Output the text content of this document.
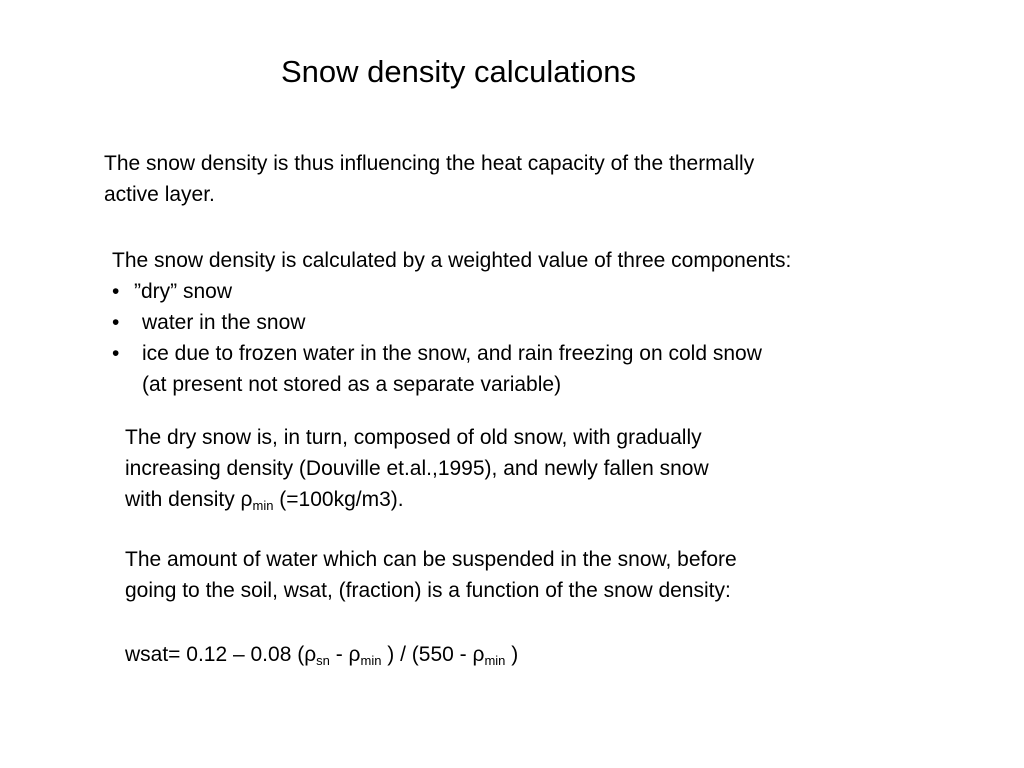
Snow density calculations
The snow density is thus influencing the heat capacity of the thermally
active layer.
The snow density is calculated by a weighted value of three components:
• ”dry” snow
• water in the snow
• ice due to frozen water in the snow, and rain freezing on cold snow
(at present not stored as a separate variable)
The dry snow is, in turn, composed of old snow, with gradually
increasing density (Douville et.al.,1995), and newly fallen snow
with density $\rho_{min}$ (=100kg/m3).
The amount of water which can be suspended in the snow, before
going to the soil, wsat, (fraction) is a function of the snow density:
wsat= 0.12 – 0.08 ($\rho_{sn} - \rho_{min}$ ) / ($550 - \rho_{min}$ )
